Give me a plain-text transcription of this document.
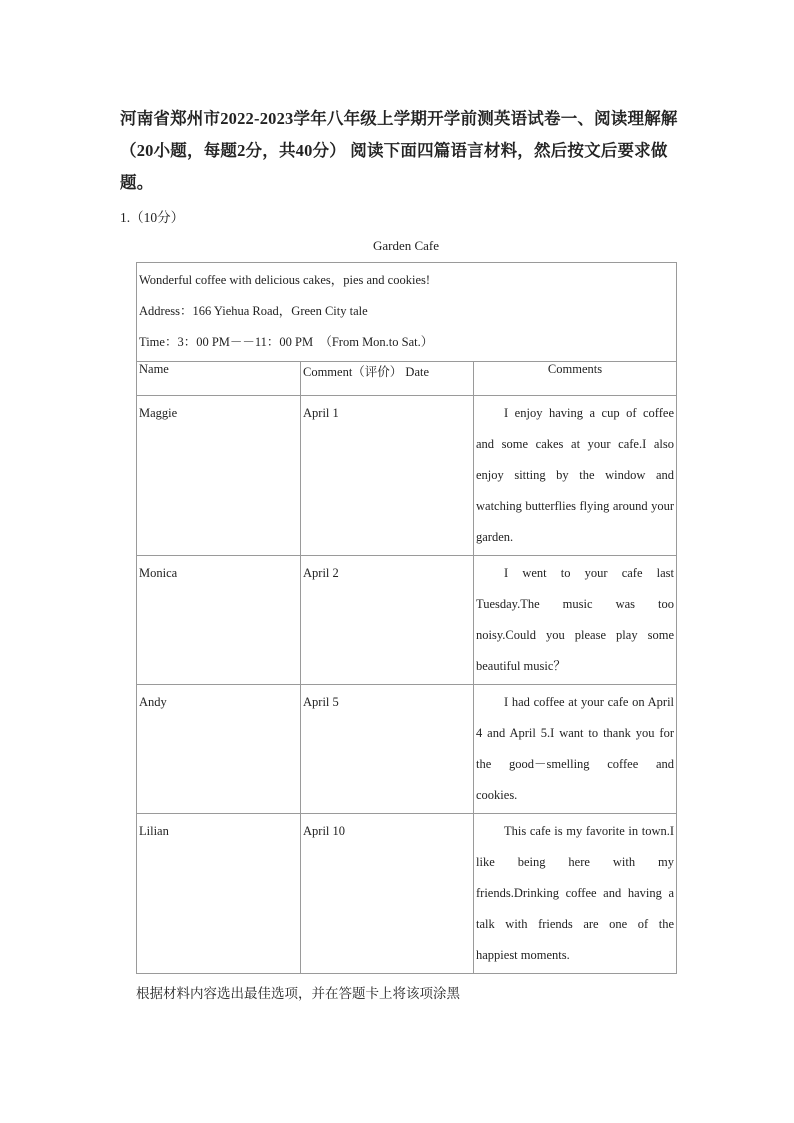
河南省郑州市2022-2023学年八年级上学期开学前测英语试卷一、阅读理解解（20小题，每题2分，共40分） 阅读下面四篇语言材料，然后按文后要求做题。
1.（10分）
Garden Cafe
Wonderful coffee with delicious cakes，pies and cookies!
Address：166 Yiehua Road，Green City tale
Time：3：00 PM－－11：00 PM　（From Mon.to Sat.）		

Name	Comment（评价） Date	Comments
Maggie	April 1	I enjoy having a cup of coffee and some cakes at your cafe.I also enjoy sitting by the window and watching butterflies flying around your garden.
Monica	April 2	I went to your cafe last Tuesday.The music was too noisy.Could you please play some beautiful music？
Andy	April 5	I had coffee at your cafe on April 4 and April 5.I want to thank you for the good－smelling coffee and cookies.
Lilian	April 10	This cafe is my favorite in town.I like being here with my friends.Drinking coffee and having a talk with friends are one of the happiest moments.
根据材料内容选出最佳选项，并在答题卡上将该项涂黑
